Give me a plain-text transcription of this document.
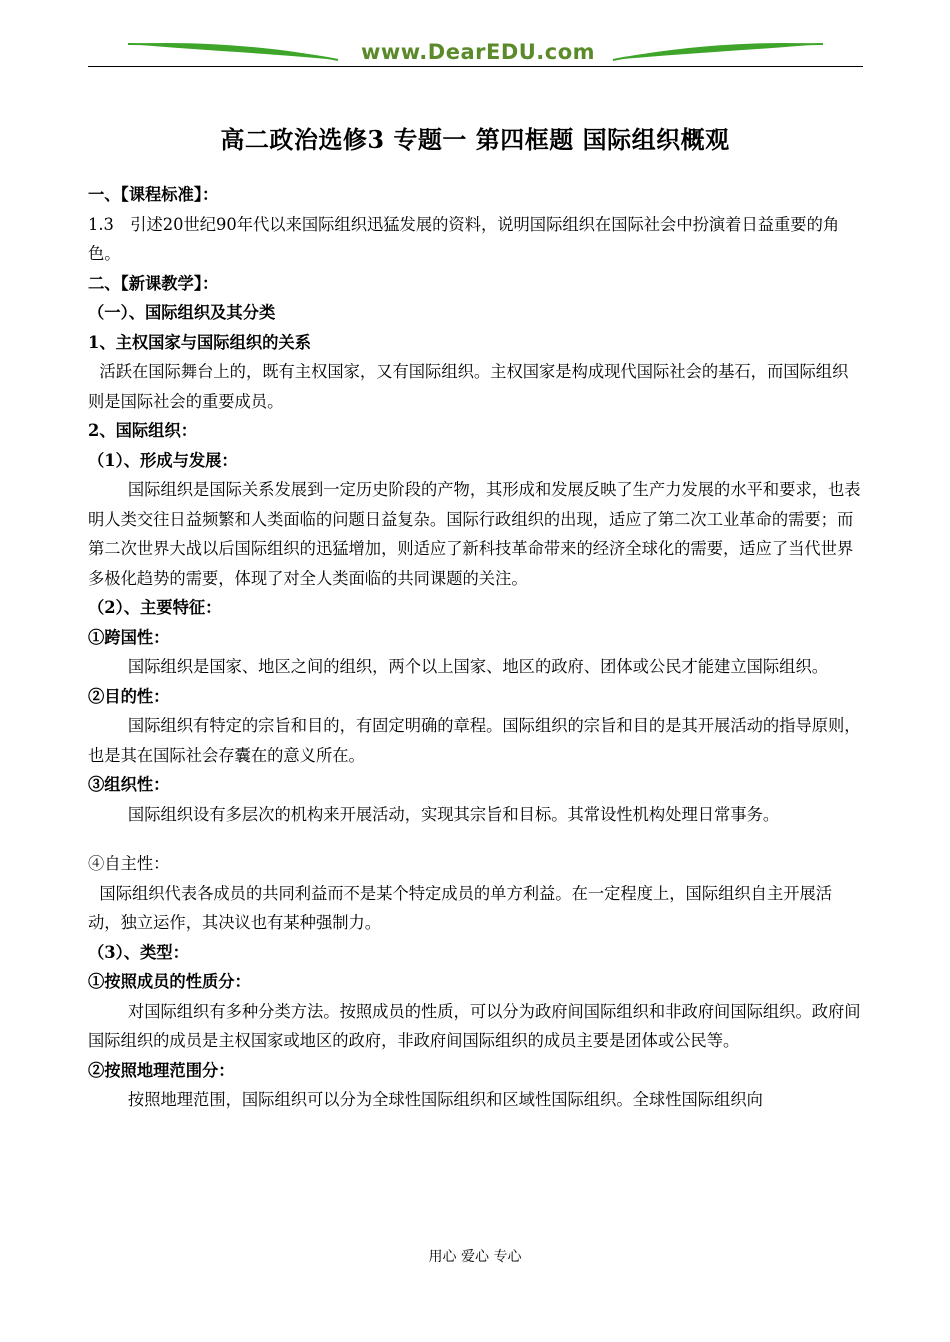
www.DearEDU.com
高二政治选修3 专题一 第四框题 国际组织概观

一、【课程标准】：

1.3　引述20世纪90年代以来国际组织迅猛发展的资料，说明国际组织在国际社会中扮演着日益重要的角色。

二、【新课教学】：

（一）、国际组织及其分类

1、主权国家与国际组织的关系

活跃在国际舞台上的，既有主权国家，又有国际组织。主权国家是构成现代国际社会的基石，而国际组织则是国际社会的重要成员。

2、国际组织：

（1）、形成与发展：

国际组织是国际关系发展到一定历史阶段的产物，其形成和发展反映了生产力发展的水平和要求，也表明人类交往日益频繁和人类面临的问题日益复杂。国际行政组织的出现，适应了第二次工业革命的需要；而第二次世界大战以后国际组织的迅猛增加，则适应了新科技革命带来的经济全球化的需要，适应了当代世界多极化趋势的需要，体现了对全人类面临的共同课题的关注。

（2）、主要特征：

①跨国性：

国际组织是国家、地区之间的组织，两个以上国家、地区的政府、团体或公民才能建立国际组织。

②目的性：

国际组织有特定的宗旨和目的，有固定明确的章程。国际组织的宗旨和目的是其开展活动的指导原则，也是其在国际社会存囊在的意义所在。

③组织性：

国际组织设有多层次的机构来开展活动，实现其宗旨和目标。其常设性机构处理日常事务。

④自主性：

国际组织代表各成员的共同利益而不是某个特定成员的单方利益。在一定程度上，国际组织自主开展活动，独立运作，其决议也有某种强制力。

（3）、类型：

①按照成员的性质分：

对国际组织有多种分类方法。按照成员的性质，可以分为政府间国际组织和非政府间国际组织。政府间国际组织的成员是主权国家或地区的政府，非政府间国际组织的成员主要是团体或公民等。

②按照地理范围分：

按照地理范围，国际组织可以分为全球性国际组织和区域性国际组织。全球性国际组织向

用心 爱心 专心
